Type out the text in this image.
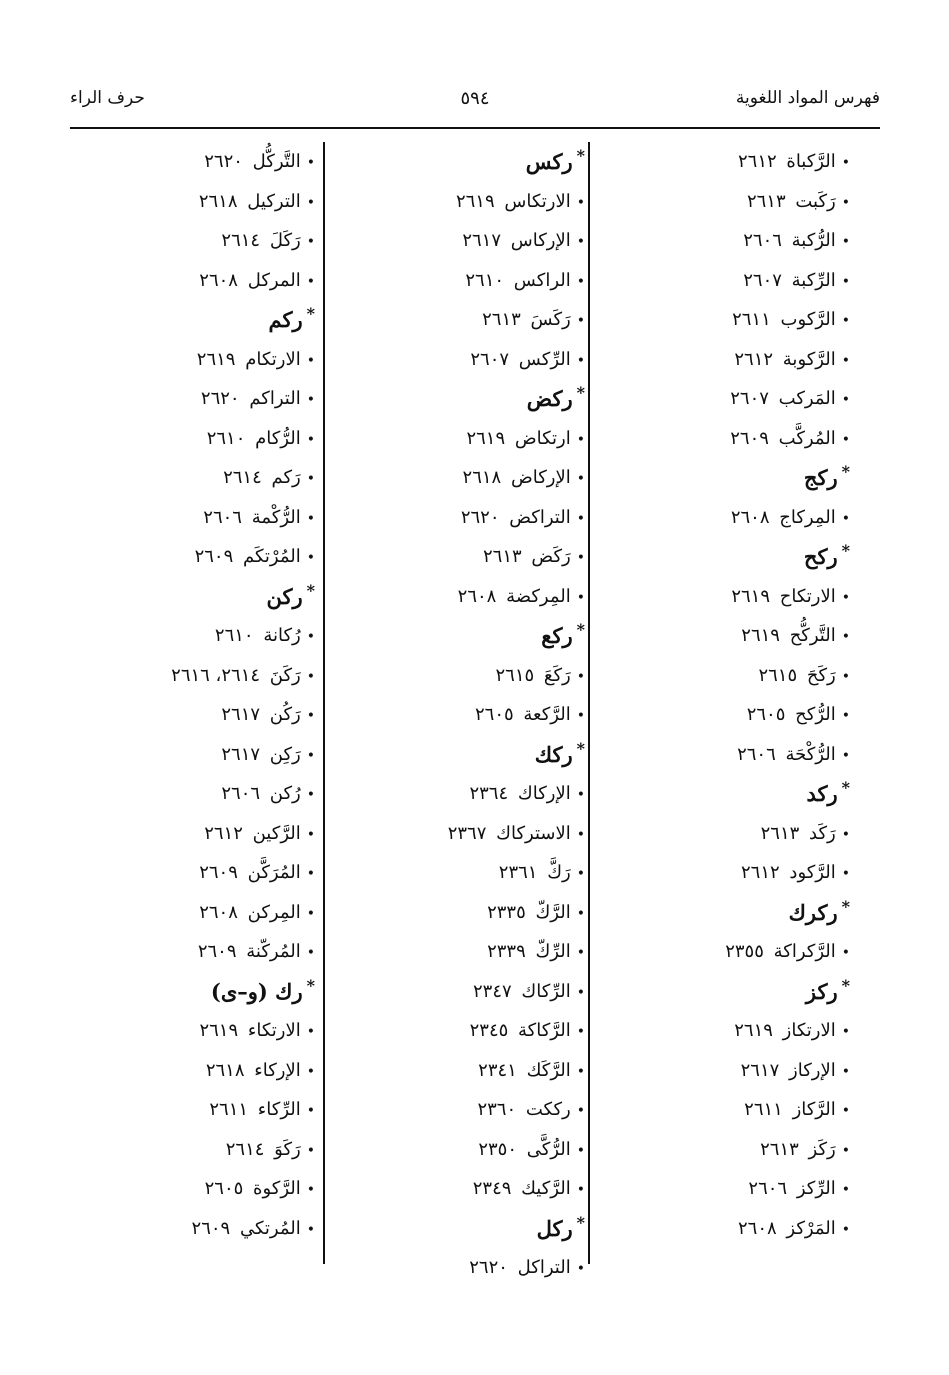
فهرس المواد اللغوية
٥٩٤
حرف الراء
•الرَّكباة ٢٦١٢
•رَكَبت ٢٦١٣
•الرُّكبة ٢٦٠٦
•الرِّكبة ٢٦٠٧
•الرَّكوب ٢٦١١
•الرَّكوبة ٢٦١٢
•المَركب ٢٦٠٧
•المُركَّب ٢٦٠٩
*ركج
•المِركاج ٢٦٠٨
*ركح
•الارتكاح ٢٦١٩
•التَّركُّح ٢٦١٩
•رَكَحَ ٢٦١٥
•الرُّكح ٢٦٠٥
•الرُّكْحَة ٢٦٠٦
*ركد
•رَكَد ٢٦١٣
•الرَّكود ٢٦١٢
*ركرك
•الرَّكراكة ٢٣٥٥
*ركز
•الارتكاز ٢٦١٩
•الإركاز ٢٦١٧
•الرَّكاز ٢٦١١
•رَكَز ٢٦١٣
•الرِّكز ٢٦٠٦
•المَرْكز ٢٦٠٨
*ركس
•الارتكاس ٢٦١٩
•الإركاس ٢٦١٧
•الراكس ٢٦١٠
•رَكَسَ ٢٦١٣
•الرِّكس ٢٦٠٧
*ركض
•ارتكاض ٢٦١٩
•الإركاض ٢٦١٨
•التراكض ٢٦٢٠
•رَكَض ٢٦١٣
•المِركضة ٢٦٠٨
*ركع
•رَكَعَ ٢٦١٥
•الرَّكعة ٢٦٠٥
*ركك
•الإركاك ٢٣٦٤
•الاستركاك ٢٣٦٧
•رَكَّ ٢٣٦١
•الرَّكّ ٢٣٣٥
•الرِّكّ ٢٣٣٩
•الرِّكاك ٢٣٤٧
•الرَّكاكة ٢٣٤٥
•الرَّكَك ٢٣٤١
•رككت ٢٣٦٠
•الرُّكَّى ٢٣٥٠
•الرَّكيك ٢٣٤٩
*ركل
•التراكل ٢٦٢٠
•التَّركُّل ٢٦٢٠
•التركيل ٢٦١٨
•رَكَلَ ٢٦١٤
•المركل ٢٦٠٨
*ركم
•الارتكام ٢٦١٩
•التراكم ٢٦٢٠
•الرُّكام ٢٦١٠
•رَكم ٢٦١٤
•الرُّكْمة ٢٦٠٦
•المُرْتكَم ٢٦٠٩
*ركن
•رُكانة ٢٦١٠
•رَكَنَ ٢٦١٤، ٢٦١٦
•رَكُن ٢٦١٧
•رَكِن ٢٦١٧
•رُكن ٢٦٠٦
•الرَّكين ٢٦١٢
•المُرَكَّن ٢٦٠٩
•المِركن ٢٦٠٨
•المُركّنة ٢٦٠٩
*رك (و–ى)
•الارتكاء ٢٦١٩
•الإركاء ٢٦١٨
•الرِّكاء ٢٦١١
•رَكَوَ ٢٦١٤
•الرَّكوة ٢٦٠٥
•المُرتكي ٢٦٠٩
